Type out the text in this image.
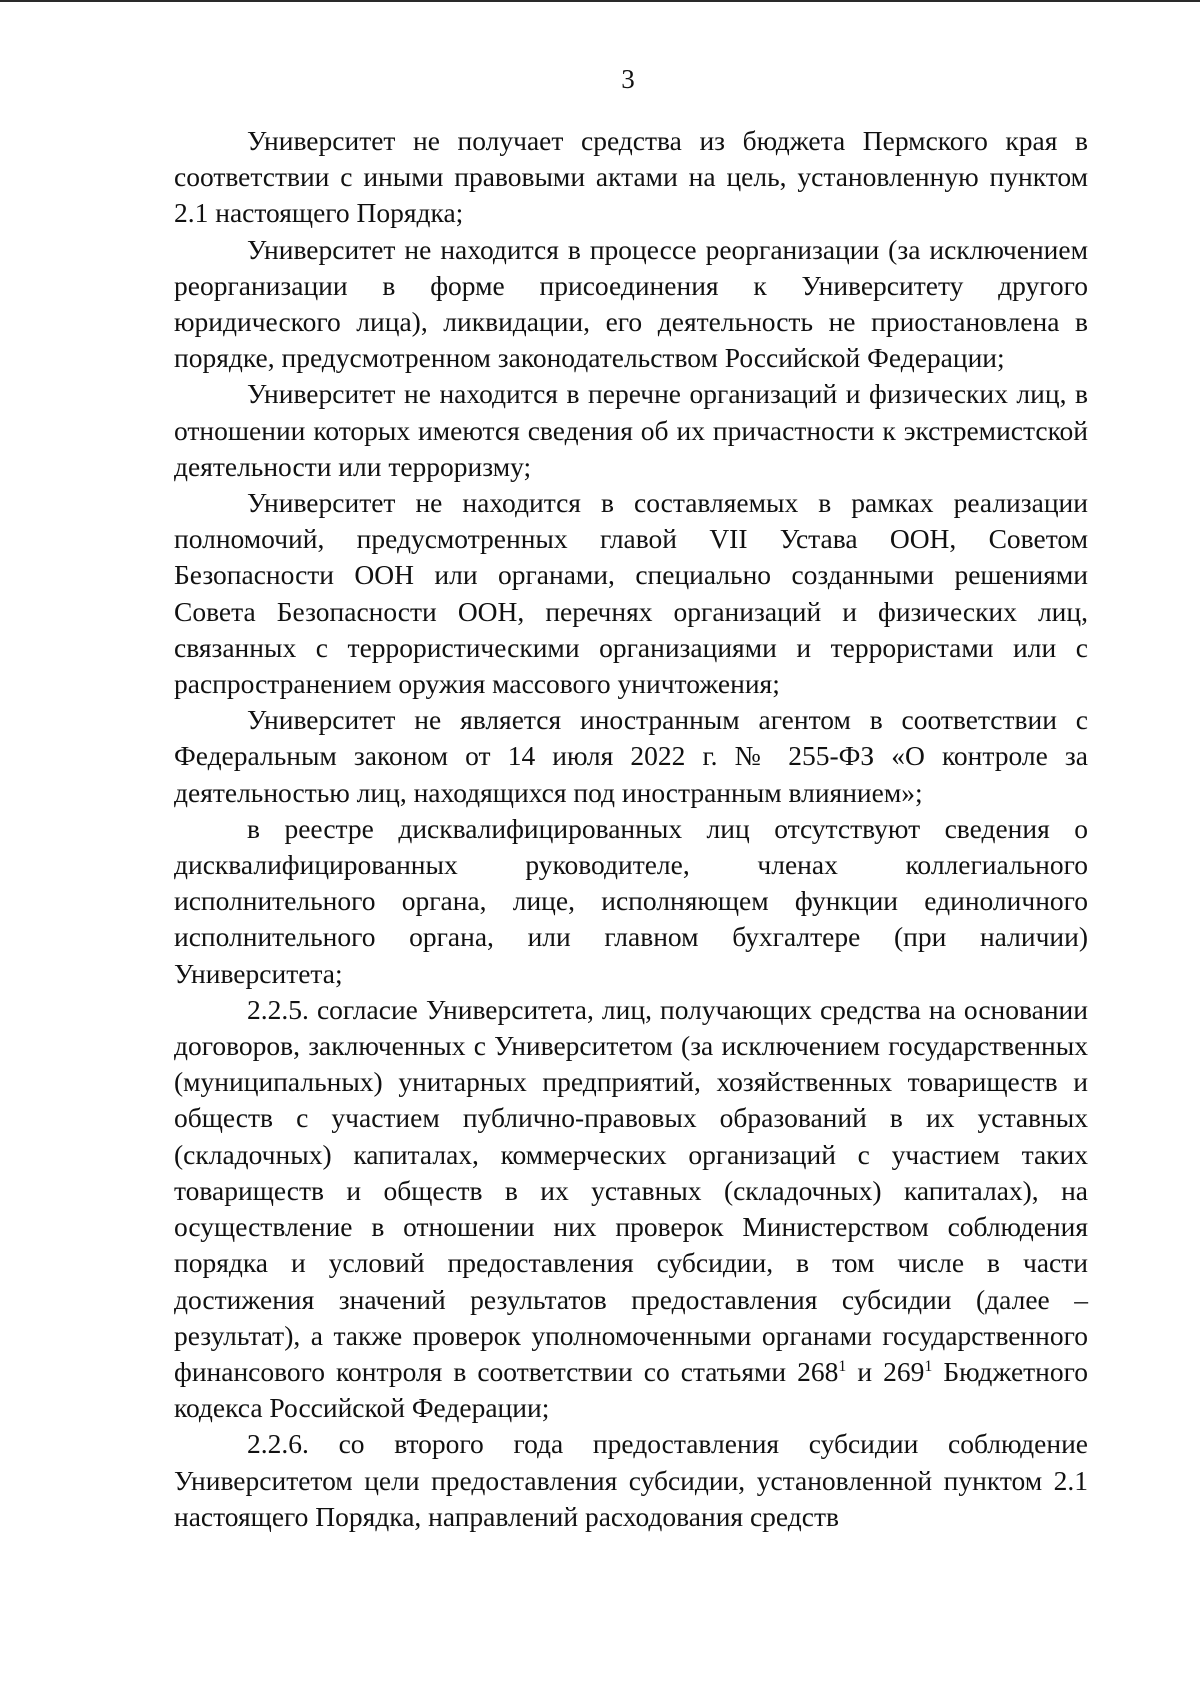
3

Университет не получает средства из бюджета Пермского края в соответствии с иными правовыми актами на цель, установленную пунктом 2.1 настоящего Порядка;

Университет не находится в процессе реорганизации (за исключением реорганизации в форме присоединения к Университету другого юридического лица), ликвидации, его деятельность не приостановлена в порядке, предусмотренном законодательством Российской Федерации;

Университет не находится в перечне организаций и физических лиц, в отношении которых имеются сведения об их причастности к экстремистской деятельности или терроризму;

Университет не находится в составляемых в рамках реализации полномочий, предусмотренных главой VII Устава ООН, Советом Безопасности ООН или органами, специально созданными решениями Совета Безопасности ООН, перечнях организаций и физических лиц, связанных с террористическими организациями и террористами или с распространением оружия массового уничтожения;

Университет не является иностранным агентом в соответствии с Федеральным законом от 14 июля 2022 г. № 255-ФЗ «О контроле за деятельностью лиц, находящихся под иностранным влиянием»;

в реестре дисквалифицированных лиц отсутствуют сведения о дисквалифицированных руководителе, членах коллегиального исполнительного органа, лице, исполняющем функции единоличного исполнительного органа, или главном бухгалтере (при наличии) Университета;

2.2.5. согласие Университета, лиц, получающих средства на основании договоров, заключенных с Университетом (за исключением государственных (муниципальных) унитарных предприятий, хозяйственных товариществ и обществ с участием публично-правовых образований в их уставных (складочных) капиталах, коммерческих организаций с участием таких товариществ и обществ в их уставных (складочных) капиталах), на осуществление в отношении них проверок Министерством соблюдения порядка и условий предоставления субсидии, в том числе в части достижения значений результатов предоставления субсидии (далее – результат), а также проверок уполномоченными органами государственного финансового контроля в соответствии со статьями $268^1$ и $269^1$ Бюджетного кодекса Российской Федерации;

2.2.6. со второго года предоставления субсидии соблюдение Университетом цели предоставления субсидии, установленной пунктом 2.1 настоящего Порядка, направлений расходования средств
